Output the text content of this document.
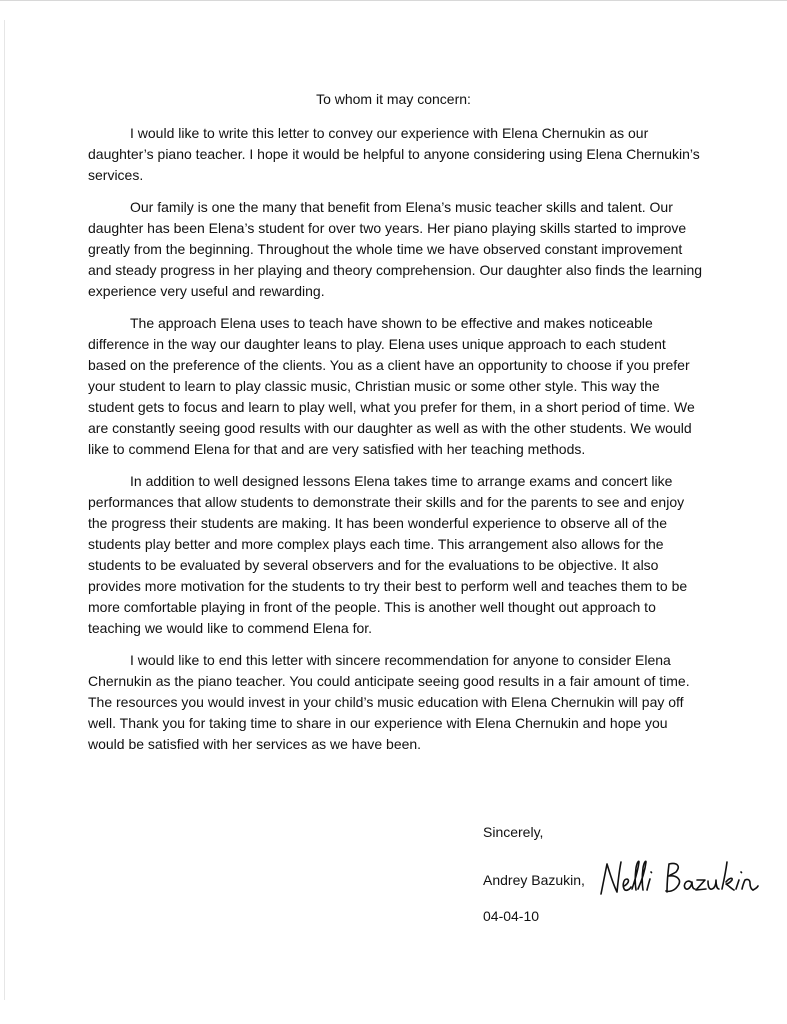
To whom it may concern:

I would like to write this letter to convey our experience with Elena Chernukin as our daughter’s piano teacher. I hope it would be helpful to anyone considering using Elena Chernukin’s services.

Our family is one the many that benefit from Elena’s music teacher skills and talent. Our daughter has been Elena’s student for over two years. Her piano playing skills started to improve greatly from the beginning. Throughout the whole time we have observed constant improvement and steady progress in her playing and theory comprehension. Our daughter also finds the learning experience very useful and rewarding.

The approach Elena uses to teach have shown to be effective and makes noticeable difference in the way our daughter leans to play. Elena uses unique approach to each student based on the preference of the clients. You as a client have an opportunity to choose if you prefer your student to learn to play classic music, Christian music or some other style. This way the student gets to focus and learn to play well, what you prefer for them, in a short period of time. We are constantly seeing good results with our daughter as well as with the other students. We would like to commend Elena for that and are very satisfied with her teaching methods.

In addition to well designed lessons Elena takes time to arrange exams and concert like performances that allow students to demonstrate their skills and for the parents to see and enjoy the progress their students are making. It has been wonderful experience to observe all of the students play better and more complex plays each time. This arrangement also allows for the students to be evaluated by several observers and for the evaluations to be objective. It also provides more motivation for the students to try their best to perform well and teaches them to be more comfortable playing in front of the people. This is another well thought out approach to teaching we would like to commend Elena for.

I would like to end this letter with sincere recommendation for anyone to consider Elena Chernukin as the piano teacher. You could anticipate seeing good results in a fair amount of time. The resources you would invest in your child’s music education with Elena Chernukin will pay off well. Thank you for taking time to share in our experience with Elena Chernukin and hope you would be satisfied with her services as we have been.

Sincerely,
Andrey Bazukin,
04-04-10
